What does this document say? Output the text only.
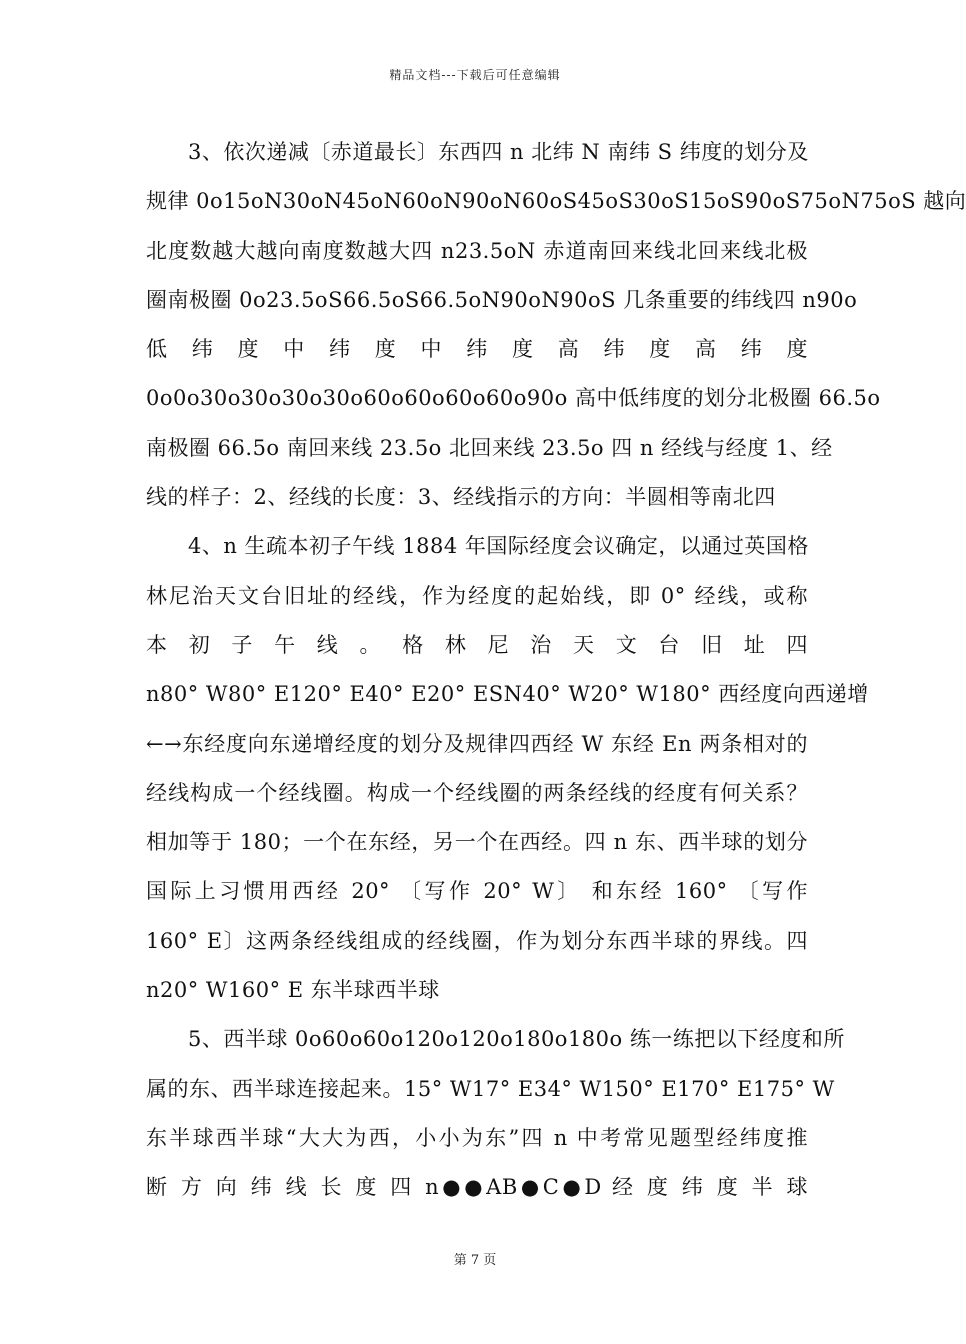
精品文档---下载后可任意编辑
3、依次递减〔赤道最长〕东西四 n 北纬 N 南纬 S 纬度的划分及
规律 0o15oN30oN45oN60oN90oN60oS45oS30oS15oS90oS75oN75oS 越向
北度数越大越向南度数越大四 n23.5oN 赤道南回来线北回来线北极
圈南极圈 0o23.5oS66.5oS66.5oN90oN90oS 几条重要的纬线四 n90o
低 纬 度 中 纬 度 中 纬 度 高 纬 度 高 纬 度
0o0o30o30o30o30o60o60o60o60o90o 高中低纬度的划分北极圈 66.5o
南极圈 66.5o 南回来线 23.5o 北回来线 23.5o 四 n 经线与经度 1、经
线的样子：2、经线的长度：3、经线指示的方向：半圆相等南北四
4、n 生疏本初子午线 1884 年国际经度会议确定，以通过英国格
林尼治天文台旧址的经线，作为经度的起始线，即 0° 经线，或称
本 初 子 午 线 。 格 林 尼 治 天 文 台 旧 址 四
n80° W80° E120° E40° E20° ESN40° W20° W180° 西经度向西递增
←→东经度向东递增经度的划分及规律四西经 W 东经 En 两条相对的
经线构成一个经线圈。构成一个经线圈的两条经线的经度有何关系？
相加等于 180；一个在东经，另一个在西经。四 n 东、西半球的划分
国际上习惯用西经 20° 〔写作 20° W〕 和东经 160° 〔写作
160° E〕这两条经线组成的经线圈，作为划分东西半球的界线。四
n20° W160° E 东半球西半球
5、西半球 0o60o60o120o120o180o180o 练一练把以下经度和所
属的东、西半球连接起来。15° W17° E34° W150° E170° E175° W
东半球西半球“大大为西，小小为东”四 n 中考常见题型经纬度推
断 方 向 纬 线 长 度 四 n●●AB●C●D 经 度 纬 度 半 球
第 7 页
